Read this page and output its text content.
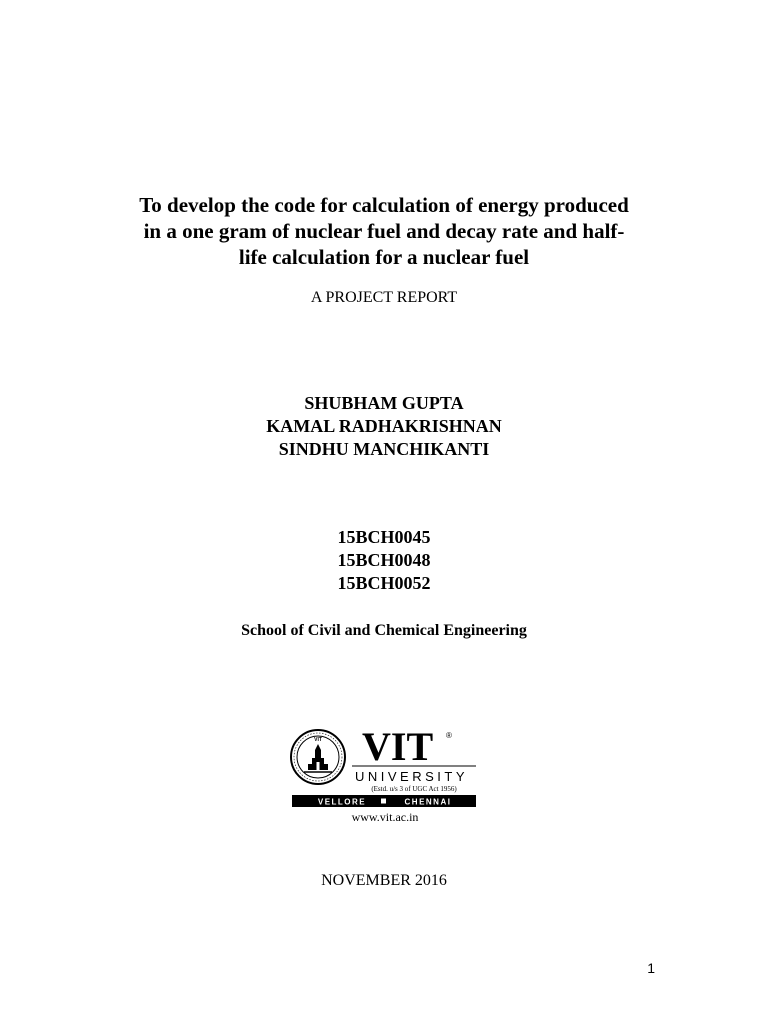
To develop the code for calculation of energy produced
in a one gram of nuclear fuel and decay rate and half-
life calculation for a nuclear fuel
A PROJECT REPORT
SHUBHAM GUPTA
KAMAL RADHAKRISHNAN
SINDHU MANCHIKANTI
15BCH0045
15BCH0048
15BCH0052
School of Civil and Chemical Engineering
VIT VIT ®
UNIVERSITY
(Estd. u/s 3 of UGC Act 1956)
VELLORE	CHENNAI
www.vit.ac.in
NOVEMBER 2016
1
